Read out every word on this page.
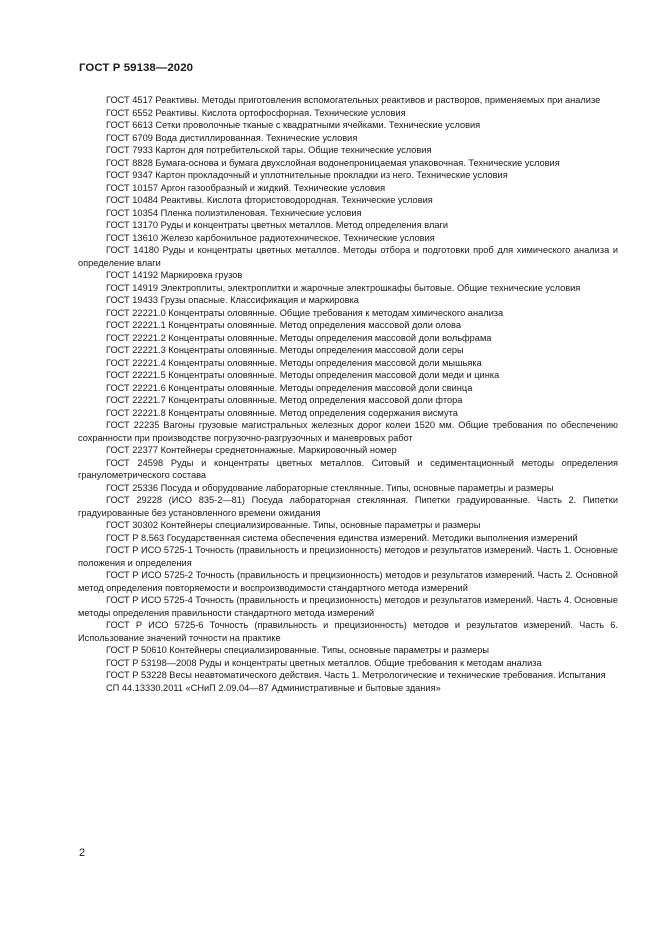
ГОСТ Р 59138—2020

ГОСТ 4517 Реактивы. Методы приготовления вспомогательных реактивов и растворов, применяемых при анализе

ГОСТ 6552 Реактивы. Кислота ортофосфорная. Технические условия

ГОСТ 6613 Сетки проволочные тканые с квадратными ячейками. Технические условия

ГОСТ 6709 Вода дистиллированная. Технические условия

ГОСТ 7933 Картон для потребительской тары. Общие технические условия

ГОСТ 8828 Бумага-основа и бумага двухслойная водонепроницаемая упаковочная. Технические условия

ГОСТ 9347 Картон прокладочный и уплотнительные прокладки из него. Технические условия

ГОСТ 10157 Аргон газообразный и жидкий. Технические условия

ГОСТ 10484 Реактивы. Кислота фтористоводородная. Технические условия

ГОСТ 10354 Пленка полиэтиленовая. Технические условия

ГОСТ 13170 Руды и концентраты цветных металлов. Метод определения влаги

ГОСТ 13610 Железо карбонильное радиотехническое. Технические условия

ГОСТ 14180 Руды и концентраты цветных металлов. Методы отбора и подготовки проб для химического анализа и определение влаги

ГОСТ 14192 Маркировка грузов

ГОСТ 14919 Электроплиты, электроплитки и жарочные электрошкафы бытовые. Общие технические условия

ГОСТ 19433 Грузы опасные. Классификация и маркировка

ГОСТ 22221.0 Концентраты оловянные. Общие требования к методам химического анализа

ГОСТ 22221.1 Концентраты оловянные. Метод определения массовой доли олова

ГОСТ 22221.2 Концентраты оловянные. Методы определения массовой доли вольфрама

ГОСТ 22221.3 Концентраты оловянные. Методы определения массовой доли серы

ГОСТ 22221.4 Концентраты оловянные. Методы определения массовой доли мышьяка

ГОСТ 22221.5 Концентраты оловянные. Методы определения массовой доли меди и цинка

ГОСТ 22221.6 Концентраты оловянные. Методы определения массовой доли свинца

ГОСТ 22221.7 Концентраты оловянные. Метод определения массовой доли фтора

ГОСТ 22221.8 Концентраты оловянные. Метод определения содержания висмута

ГОСТ 22235 Вагоны грузовые магистральных железных дорог колеи 1520 мм. Общие требования по обеспечению сохранности при производстве погрузочно-разгрузочных и маневровых работ

ГОСТ 22377 Контейнеры среднетоннажные. Маркировочный номер

ГОСТ 24598 Руды и концентраты цветных металлов. Ситовый и седиментационный методы определения гранулометрического состава

ГОСТ 25336 Посуда и оборудование лабораторные стеклянные. Типы, основные параметры и размеры

ГОСТ 29228 (ИСО 835-2—81) Посуда лабораторная стеклянная. Пипетки градуированные. Часть 2. Пипетки градуированные без установленного времени ожидания

ГОСТ 30302 Контейнеры специализированные. Типы, основные параметры и размеры

ГОСТ Р 8.563 Государственная система обеспечения единства измерений. Методики выполнения измерений

ГОСТ Р ИСО 5725-1 Точность (правильность и прецизионность) методов и результатов измерений. Часть 1. Основные положения и определения

ГОСТ Р ИСО 5725-2 Точность (правильность и прецизионность) методов и результатов измерений. Часть 2. Основной метод определения повторяемости и воспроизводимости стандартного метода измерений

ГОСТ Р ИСО 5725-4 Точность (правильность и прецизионность) методов и результатов измерений. Часть 4. Основные методы определения правильности стандартного метода измерений

ГОСТ Р ИСО 5725-6 Точность (правильность и прецизионность) методов и результатов измерений. Часть 6. Использование значений точности на практике

ГОСТ Р 50610 Контейнеры специализированные. Типы, основные параметры и размеры

ГОСТ Р 53198—2008 Руды и концентраты цветных металлов. Общие требования к методам анализа

ГОСТ Р 53228 Весы неавтоматического действия. Часть 1. Метрологические и технические требования. Испытания

СП 44.13330.2011 «СНиП 2.09.04—87 Административные и бытовые здания»

2
